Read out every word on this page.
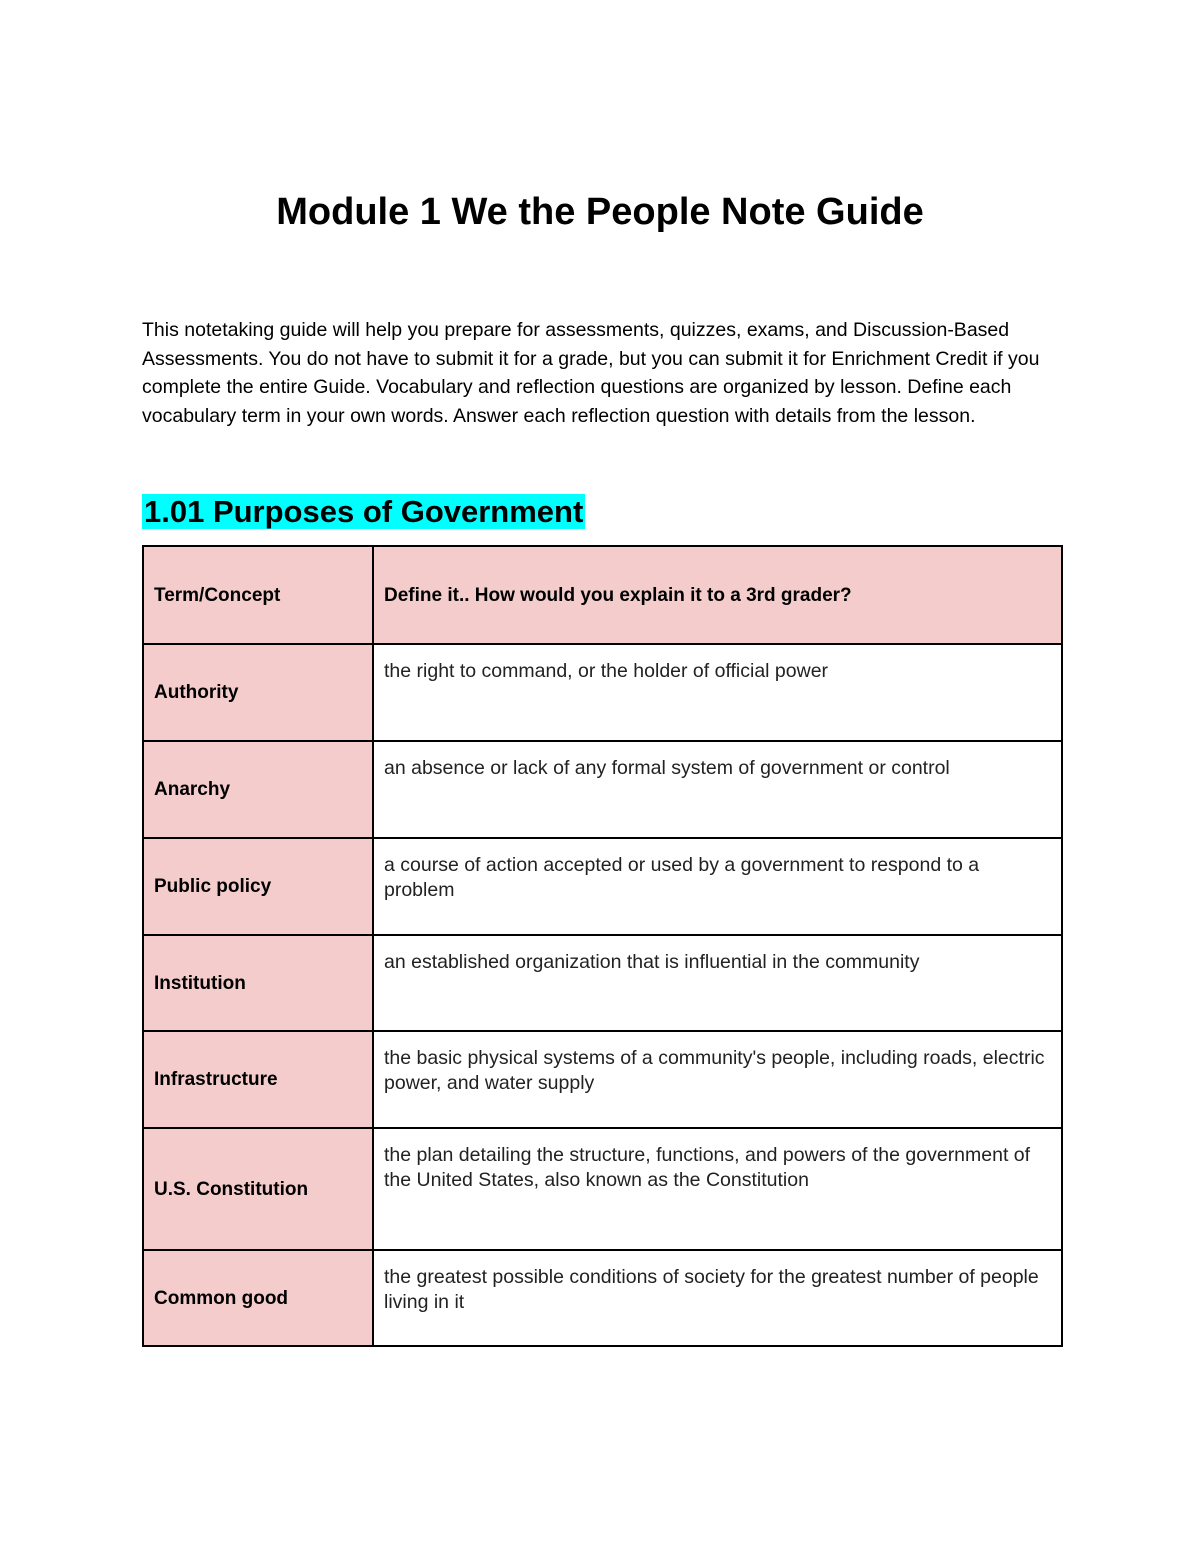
Module 1 We the People Note Guide

This notetaking guide will help you prepare for assessments, quizzes, exams, and Discussion-Based Assessments. You do not have to submit it for a grade, but you can submit it for Enrichment Credit if you complete the entire Guide. Vocabulary and reflection questions are organized by lesson. Define each vocabulary term in your own words. Answer each reflection question with details from the lesson.

1.01 Purposes of Government
Term/Concept	Define it.. How would you explain it to a 3rd grader?
Authority	the right to command, or the holder of official power
Anarchy	an absence or lack of any formal system of government or control
Public policy	a course of action accepted or used by a government to respond to a problem
Institution	an established organization that is influential in the community
Infrastructure	the basic physical systems of a community's people, including roads, electric power, and water supply
U.S. Constitution	the plan detailing the structure, functions, and powers of the government of the United States, also known as the Constitution
Common good	the greatest possible conditions of society for the greatest number of people living in it
